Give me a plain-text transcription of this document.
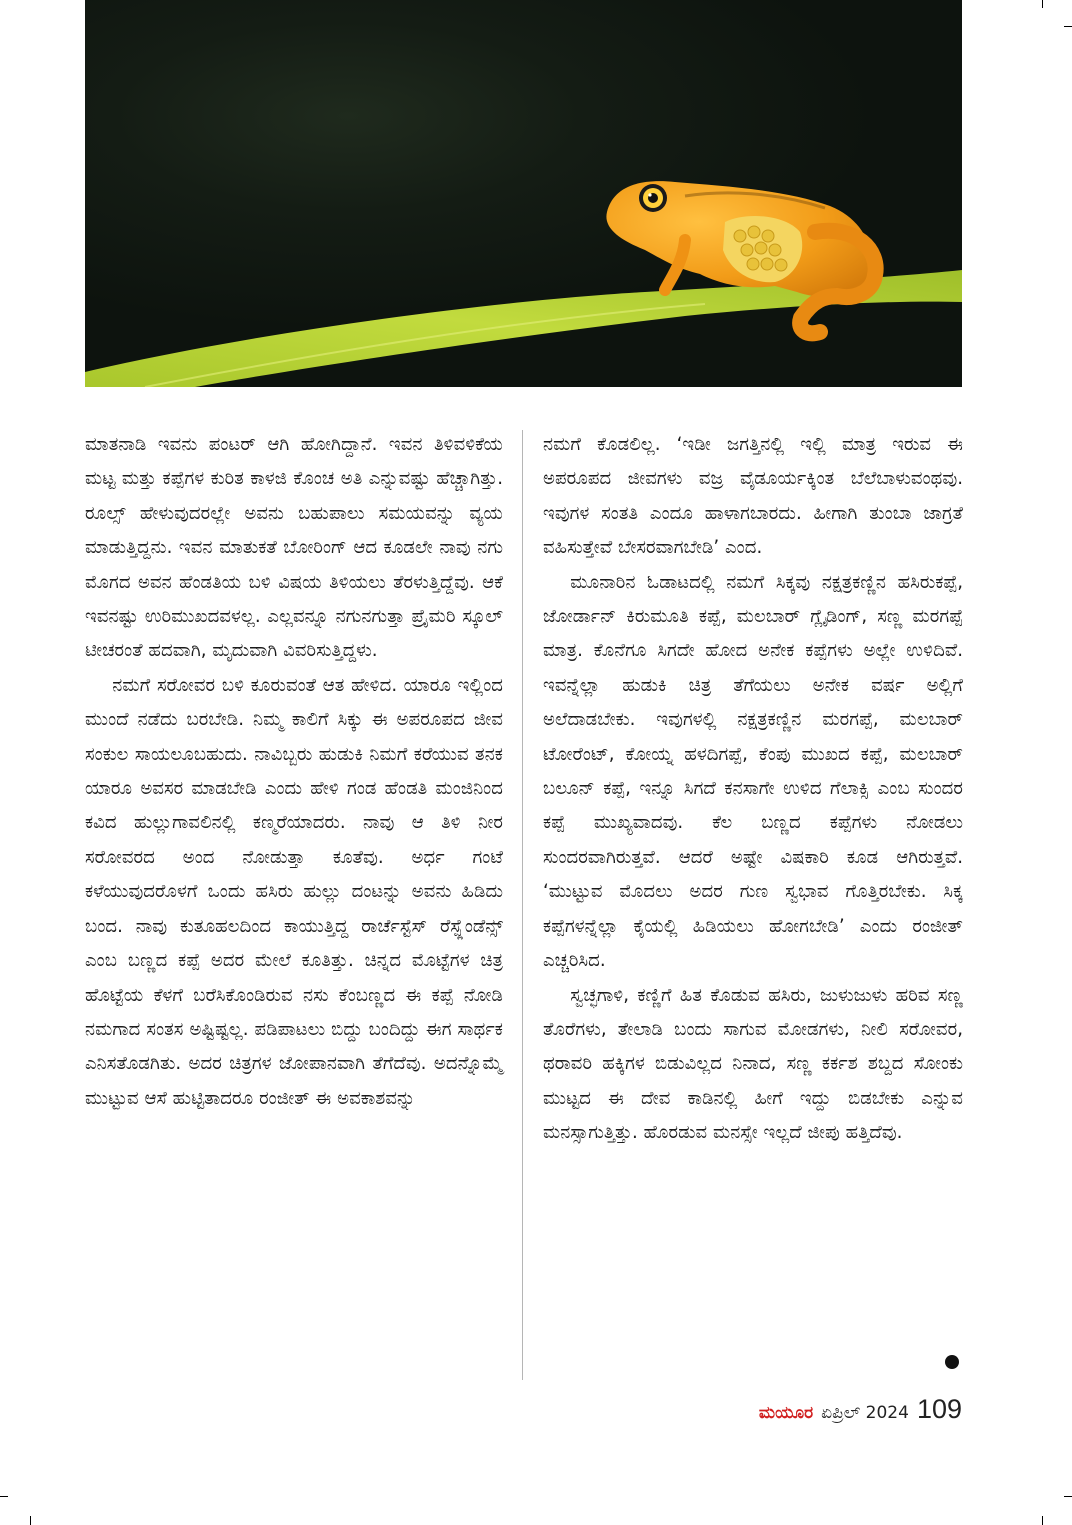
ಮಾತನಾಡಿ ಇವನು ಪಂಟರ್ ಆಗಿ ಹೋಗಿದ್ದಾನೆ. ಇವನ ತಿಳಿವಳಿಕೆಯ ಮಟ್ಟ ಮತ್ತು ಕಪ್ಪೆಗಳ ಕುರಿತ ಕಾಳಜಿ ಕೊಂಚ ಅತಿ ಎನ್ನುವಷ್ಟು ಹೆಚ್ಚಾಗಿತ್ತು. ರೂಲ್ಸ್ ಹೇಳುವುದರಲ್ಲೇ ಅವನು ಬಹುಪಾಲು ಸಮಯವನ್ನು ವ್ಯಯ ಮಾಡುತ್ತಿದ್ದನು. ಇವನ ಮಾತುಕತೆ ಬೋರಿಂಗ್ ಆದ ಕೂಡಲೇ ನಾವು ನಗು ಮೊಗದ ಅವನ ಹೆಂಡತಿಯ ಬಳಿ ವಿಷಯ ತಿಳಿಯಲು ತೆರಳುತ್ತಿದ್ದೆವು. ಆಕೆ ಇವನಷ್ಟು ಉರಿಮುಖದವಳಲ್ಲ. ಎಲ್ಲವನ್ನೂ ನಗುನಗುತ್ತಾ ಪ್ರೈಮರಿ ಸ್ಕೂಲ್ ಟೀಚರಂತೆ ಹದವಾಗಿ, ಮೃದುವಾಗಿ ವಿವರಿಸುತ್ತಿದ್ದಳು.

ನಮಗೆ ಸರೋವರ ಬಳಿ ಕೂರುವಂತೆ ಆತ ಹೇಳಿದ. ಯಾರೂ ಇಲ್ಲಿಂದ ಮುಂದೆ ನಡೆದು ಬರಬೇಡಿ. ನಿಮ್ಮ ಕಾಲಿಗೆ ಸಿಕ್ಕು ಈ ಅಪರೂಪದ ಜೀವ ಸಂಕುಲ ಸಾಯಲೂಬಹುದು. ನಾವಿಬ್ಬರು ಹುಡುಕಿ ನಿಮಗೆ ಕರೆಯುವ ತನಕ ಯಾರೂ ಅವಸರ ಮಾಡಬೇಡಿ ಎಂದು ಹೇಳಿ ಗಂಡ ಹೆಂಡತಿ ಮಂಜಿನಿಂದ ಕವಿದ ಹುಲ್ಲುಗಾವಲಿನಲ್ಲಿ ಕಣ್ಮರೆಯಾದರು. ನಾವು ಆ ತಿಳಿ ನೀರ ಸರೋವರದ ಅಂದ ನೋಡುತ್ತಾ ಕೂತೆವು. ಅರ್ಧ ಗಂಟೆ ಕಳೆಯುವುದರೊಳಗೆ ಒಂದು ಹಸಿರು ಹುಲ್ಲು ದಂಟನ್ನು ಅವನು ಹಿಡಿದು ಬಂದ. ನಾವು ಕುತೂಹಲದಿಂದ ಕಾಯುತ್ತಿದ್ದ ರಾರ್ಚೆಸ್ಟೆಸ್ ರೆಸ್ಪ್ಲೆಂಡೆನ್ಸ್ ಎಂಬ ಬಣ್ಣದ ಕಪ್ಪೆ ಅದರ ಮೇಲೆ ಕೂತಿತ್ತು. ಚಿನ್ನದ ಮೊಟ್ಟೆಗಳ ಚಿತ್ರ ಹೊಟ್ಟೆಯ ಕೆಳಗೆ ಬರೆಸಿಕೊಂಡಿರುವ ನಸು ಕೆಂಬಣ್ಣದ ಈ ಕಪ್ಪೆ ನೋಡಿ ನಮಗಾದ ಸಂತಸ ಅಷ್ಟಿಷ್ಟಲ್ಲ. ಪಡಿಪಾಟಲು ಬಿದ್ದು ಬಂದಿದ್ದು ಈಗ ಸಾರ್ಥಕ ಎನಿಸತೊಡಗಿತು. ಅದರ ಚಿತ್ರಗಳ ಜೋಪಾನವಾಗಿ ತೆಗೆದೆವು. ಅದನ್ನೊಮ್ಮೆ ಮುಟ್ಟುವ ಆಸೆ ಹುಟ್ಟಿತಾದರೂ ರಂಜೀತ್ ಈ ಅವಕಾಶವನ್ನು

ನಮಗೆ ಕೊಡಲಿಲ್ಲ. ‘ಇಡೀ ಜಗತ್ತಿನಲ್ಲಿ ಇಲ್ಲಿ ಮಾತ್ರ ಇರುವ ಈ ಅಪರೂಪದ ಜೀವಗಳು ವಜ್ರ ವೈಡೂರ್ಯಕ್ಕಿಂತ ಬೆಲೆಬಾಳುವಂಥವು. ಇವುಗಳ ಸಂತತಿ ಎಂದೂ ಹಾಳಾಗಬಾರದು. ಹೀಗಾಗಿ ತುಂಬಾ ಜಾಗ್ರತೆ ವಹಿಸುತ್ತೇವೆ ಬೇಸರವಾಗಬೇಡಿ’ ಎಂದ.

ಮೂನಾರಿನ ಓಡಾಟದಲ್ಲಿ ನಮಗೆ ಸಿಕ್ಕವು ನಕ್ಷತ್ರಕಣ್ಣಿನ ಹಸಿರುಕಪ್ಪೆ, ಜೋರ್ಡಾನ್ ಕಿರುಮೂತಿ ಕಪ್ಪೆ, ಮಲಬಾರ್ ಗ್ಲೈಡಿಂಗ್, ಸಣ್ಣ ಮರಗಪ್ಪೆ ಮಾತ್ರ. ಕೊನೆಗೂ ಸಿಗದೇ ಹೋದ ಅನೇಕ ಕಪ್ಪೆಗಳು ಅಲ್ಲೇ ಉಳಿದಿವೆ. ಇವನ್ನೆಲ್ಲಾ ಹುಡುಕಿ ಚಿತ್ರ ತೆಗೆಯಲು ಅನೇಕ ವರ್ಷ ಅಲ್ಲಿಗೆ ಅಲೆದಾಡಬೇಕು. ಇವುಗಳಲ್ಲಿ ನಕ್ಷತ್ರಕಣ್ಣಿನ ಮರಗಪ್ಪೆ, ಮಲಬಾರ್ ಟೋರೆಂಟ್, ಕೋಯ್ನ ಹಳದಿಗಪ್ಪೆ, ಕೆಂಪು ಮುಖದ ಕಪ್ಪೆ, ಮಲಬಾರ್ ಬಲೂನ್ ಕಪ್ಪೆ, ಇನ್ನೂ ಸಿಗದೆ ಕನಸಾಗೇ ಉಳಿದ ಗೆಲಾಕ್ಸಿ ಎಂಬ ಸುಂದರ ಕಪ್ಪೆ ಮುಖ್ಯವಾದವು. ಕೆಲ ಬಣ್ಣದ ಕಪ್ಪೆಗಳು ನೋಡಲು ಸುಂದರವಾಗಿರುತ್ತವೆ. ಆದರೆ ಅಷ್ಟೇ ವಿಷಕಾರಿ ಕೂಡ ಆಗಿರುತ್ತವೆ. ‘ಮುಟ್ಟುವ ಮೊದಲು ಅದರ ಗುಣ ಸ್ವಭಾವ ಗೊತ್ತಿರಬೇಕು. ಸಿಕ್ಕ ಕಪ್ಪೆಗಳನ್ನೆಲ್ಲಾ ಕೈಯಲ್ಲಿ ಹಿಡಿಯಲು ಹೋಗಬೇಡಿ’ ಎಂದು ರಂಜೀತ್ ಎಚ್ಚರಿಸಿದ.

ಸ್ವಚ್ಛಗಾಳಿ, ಕಣ್ಣಿಗೆ ಹಿತ ಕೊಡುವ ಹಸಿರು, ಜುಳುಜುಳು ಹರಿವ ಸಣ್ಣ ತೊರೆಗಳು, ತೇಲಾಡಿ ಬಂದು ಸಾಗುವ ಮೋಡಗಳು, ನೀಲಿ ಸರೋವರ, ಥರಾವರಿ ಹಕ್ಕಿಗಳ ಬಿಡುವಿಲ್ಲದ ನಿನಾದ, ಸಣ್ಣ ಕರ್ಕಶ ಶಬ್ದದ ಸೋಂಕು ಮುಟ್ಟದ ಈ ದೇವ ಕಾಡಿನಲ್ಲಿ ಹೀಗೆ ಇದ್ದು ಬಿಡಬೇಕು ಎನ್ನುವ ಮನಸ್ಸಾಗುತ್ತಿತ್ತು. ಹೊರಡುವ ಮನಸ್ಸೇ ಇಲ್ಲದೆ ಜೀಪು ಹತ್ತಿದೆವು.

ಮಯೂರ ಏಪ್ರಿಲ್ 2024 109
